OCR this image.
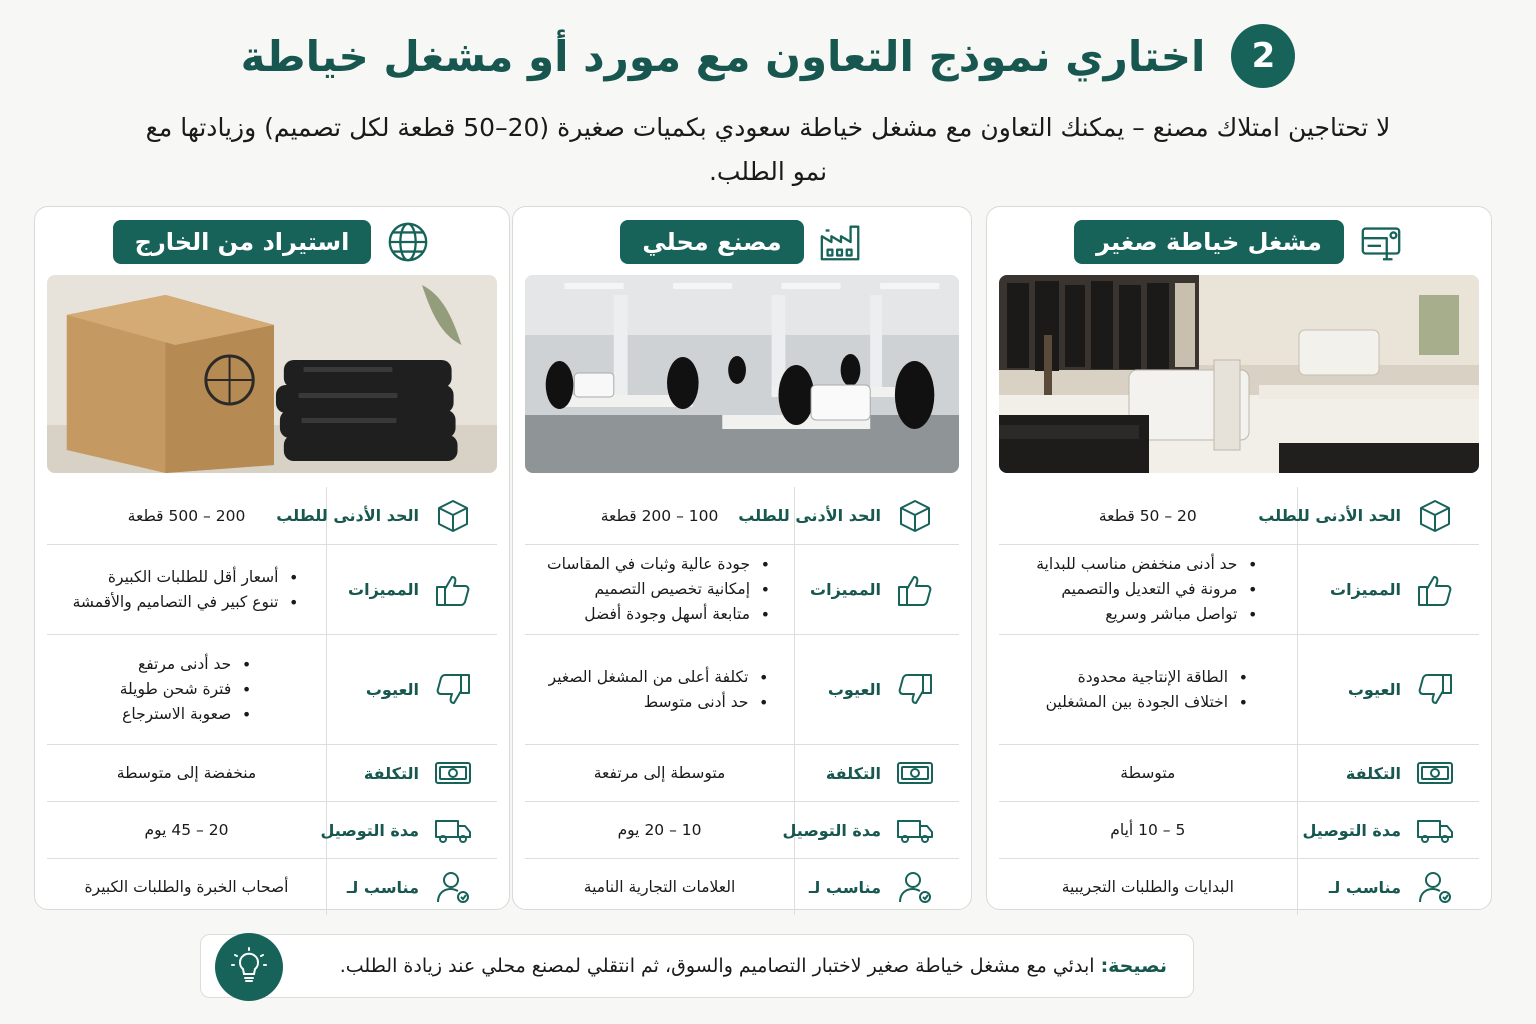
2
اختاري نموذج التعاون مع مورد أو مشغل خياطة

لا تحتاجين امتلاك مصنع – يمكنك التعاون مع مشغل خياطة سعودي بكميات صغيرة (20–50 قطعة لكل تصميم) وزيادتها مع نمو الطلب.

مشغل خياطة صغير
الحد الأدنى للطلب
20 – 50 قطعة
المميزات
• حد أدنى منخفض مناسب للبداية
• مرونة في التعديل والتصميم
• تواصل مباشر وسريع
العيوب
• الطاقة الإنتاجية محدودة
• اختلاف الجودة بين المشغلين
التكلفة
متوسطة
مدة التوصيل
5 – 10 أيام
مناسب لـ
البدايات والطلبات التجريبية
مصنع محلي
الحد الأدنى للطلب
100 – 200 قطعة
المميزات
• جودة عالية وثبات في المقاسات
• إمكانية تخصيص التصميم
• متابعة أسهل وجودة أفضل
العيوب
• تكلفة أعلى من المشغل الصغير
• حد أدنى متوسط
التكلفة
متوسطة إلى مرتفعة
مدة التوصيل
10 – 20 يوم
مناسب لـ
العلامات التجارية النامية
استيراد من الخارج
الحد الأدنى للطلب
200 – 500 قطعة
المميزات
• أسعار أقل للطلبات الكبيرة
• تنوع كبير في التصاميم والأقمشة
العيوب
• حد أدنى مرتفع
• فترة شحن طويلة
• صعوبة الاسترجاع
التكلفة
منخفضة إلى متوسطة
مدة التوصيل
20 – 45 يوم
مناسب لـ
أصحاب الخبرة والطلبات الكبيرة

نصيحة: ابدئي مع مشغل خياطة صغير لاختبار التصاميم والسوق، ثم انتقلي لمصنع محلي عند زيادة الطلب.
